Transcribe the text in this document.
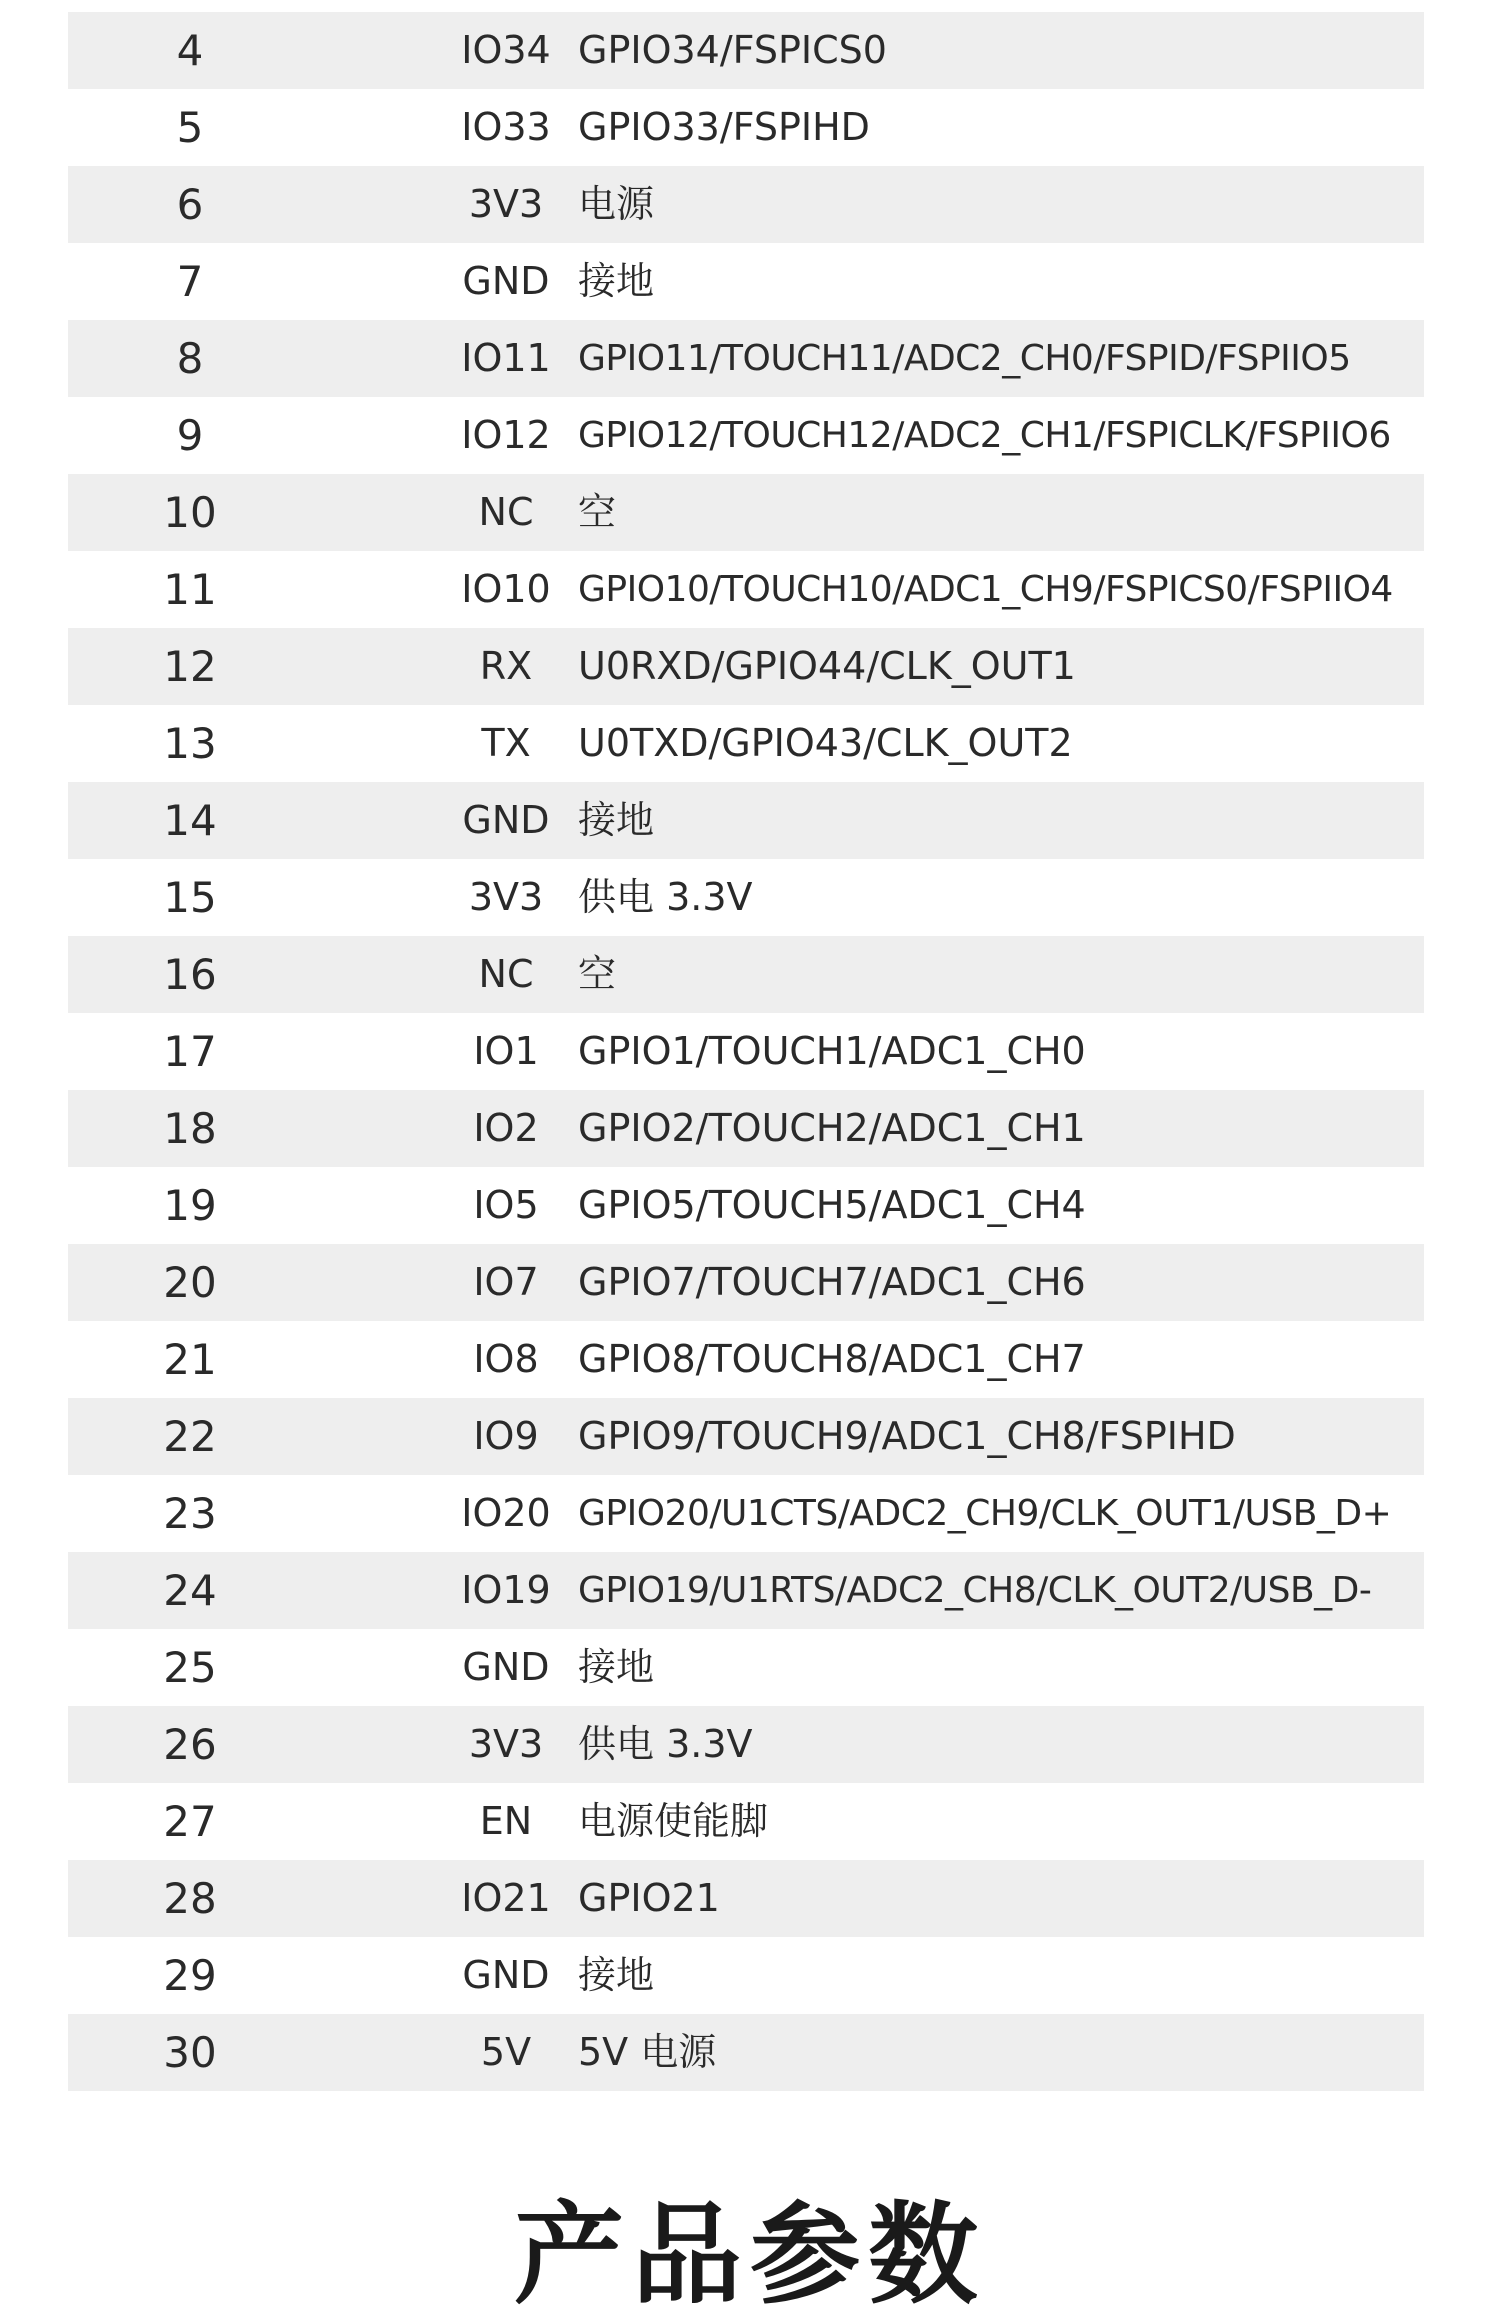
4	IO34 GPIO34/FSPICS0
5	IO33 GPIO33/FSPIHD
6	3V3 电源
7	GND 接地
8	IO11 GPIO11/TOUCH11/ADC2_CH0/FSPID/FSPIIO5
9	IO12 GPIO12/TOUCH12/ADC2_CH1/FSPICLK/FSPIIO6
10	NC	空
11	IO10 GPIO10/TOUCH10/ADC1_CH9/FSPICS0/FSPIIO4
12	RX	U0RXD/GPIO44/CLK_OUT1
13	TX	U0TXD/GPIO43/CLK_OUT2
14	GND 接地
15	3V3 供电 3.3V
16	NC	空
17	IO1	GPIO1/TOUCH1/ADC1_CH0
18	IO2	GPIO2/TOUCH2/ADC1_CH1
19	IO5	GPIO5/TOUCH5/ADC1_CH4
20	IO7	GPIO7/TOUCH7/ADC1_CH6
21	IO8	GPIO8/TOUCH8/ADC1_CH7
22	IO9	GPIO9/TOUCH9/ADC1_CH8/FSPIHD
23	IO20 GPIO20/U1CTS/ADC2_CH9/CLK_OUT1/USB_D+
24	IO19 GPIO19/U1RTS/ADC2_CH8/CLK_OUT2/USB_D-
25	GND 接地
26	3V3 供电 3.3V
27	EN	电源使能脚
28	IO21 GPIO21
29	GND 接地
30	5V	5V 电源
产品参数
